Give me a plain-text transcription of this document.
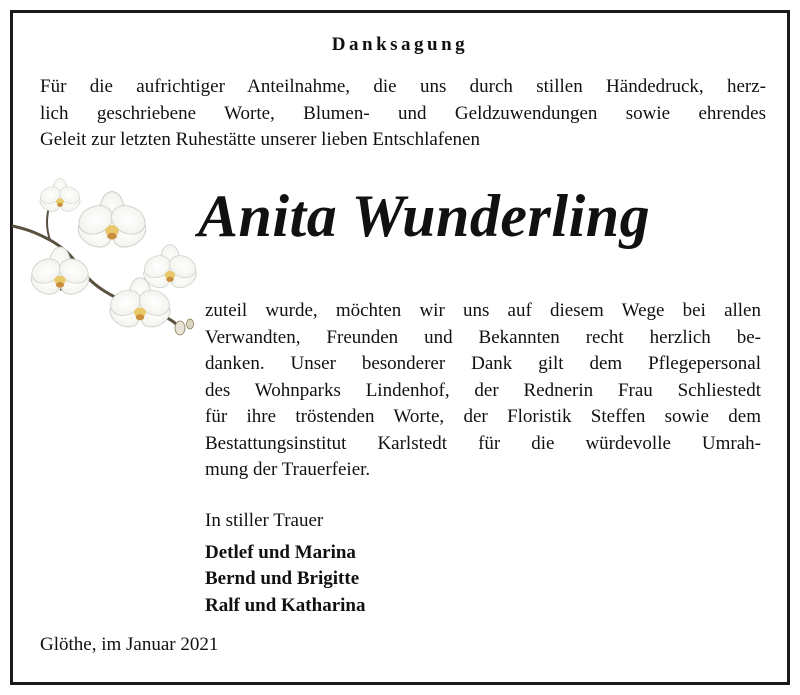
Danksagung

Für die aufrichtiger Anteilnahme, die uns durch stillen Händedruck, herz-
lich geschriebene Worte, Blumen- und Geldzuwendungen sowie ehrendes
Geleit zur letzten Ruhestätte unserer lieben Entschlafenen

Anita Wunderling

zuteil wurde, möchten wir uns auf diesem Wege bei allen
Verwandten, Freunden und Bekannten recht herzlich be-
danken. Unser besonderer Dank gilt dem Pflegepersonal
des Wohnparks Lindenhof, der Rednerin Frau Schliestedt
für ihre tröstenden Worte, der Floristik Steffen sowie dem
Bestattungsinstitut Karlstedt für die würdevolle Umrah-
mung der Trauerfeier.

In stiller Trauer
Detlef und Marina
Bernd und Brigitte
Ralf und Katharina

Glöthe, im Januar 2021
